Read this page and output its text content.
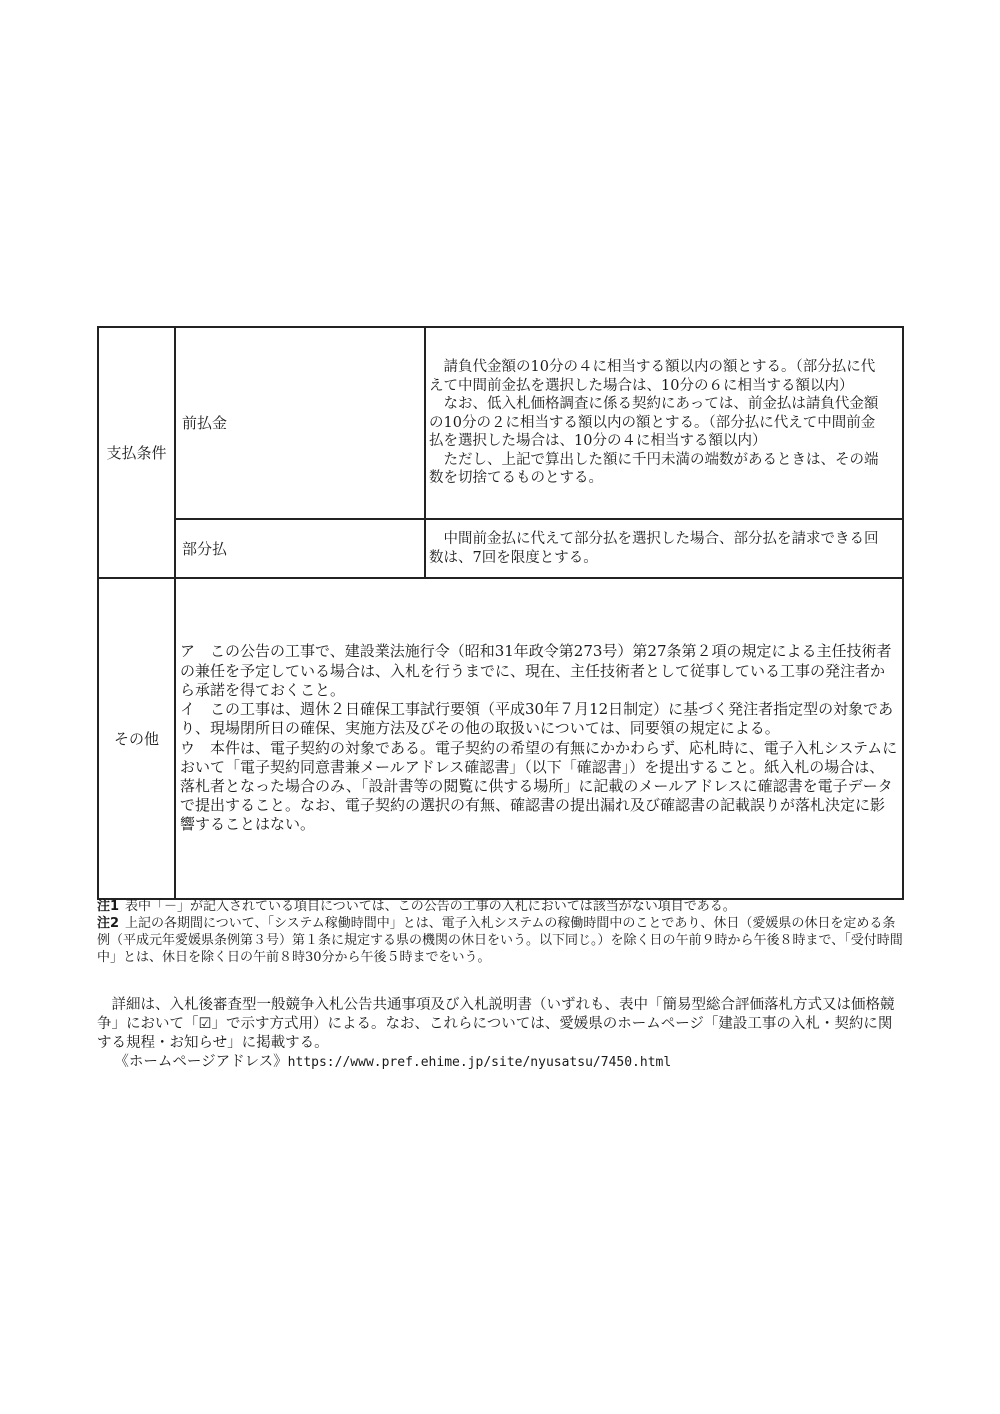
支払条件	前払金	請負代金額の10分の４に相当する額以内の額とする。（部分払に代えて中間前金払を選択した場合は、10分の６に相当する額以内）

なお、低入札価格調査に係る契約にあっては、前金払は請負代金額の10分の２に相当する額以内の額とする。（部分払に代えて中間前金払を選択した場合は、10分の４に相当する額以内）

ただし、上記で算出した額に千円未満の端数があるときは、その端数を切捨てるものとする。

	部分払	中間前金払に代えて部分払を選択した場合、部分払を請求できる回数は、7回を限度とする。

その他	ア　この公告の工事で、建設業法施行令（昭和31年政令第273号）第27条第２項の規定による主任技術者の兼任を予定している場合は、入札を行うまでに、現在、主任技術者として従事している工事の発注者から承諾を得ておくこと。

イ　この工事は、週休２日確保工事試行要領（平成30年７月12日制定）に基づく発注者指定型の対象であり、現場閉所日の確保、実施方法及びその他の取扱いについては、同要領の規定による。

ウ　本件は、電子契約の対象である。電子契約の希望の有無にかかわらず、応札時に、電子入札システムにおいて「電子契約同意書兼メールアドレス確認書」（以下「確認書」）を提出すること。紙入札の場合は、落札者となった場合のみ、「設計書等の閲覧に供する場所」に記載のメールアドレスに確認書を電子データで提出すること。なお、電子契約の選択の有無、確認書の提出漏れ及び確認書の記載誤りが落札決定に影響することはない。	

注1 表中「－」が記入されている項目については、この公告の工事の入札においては該当がない項目である。

注2 上記の各期間について、「システム稼働時間中」とは、電子入札システムの稼働時間中のことであり、休日（愛媛県の休日を定める条例（平成元年愛媛県条例第３号）第１条に規定する県の機関の休日をいう。以下同じ。）を除く日の午前９時から午後８時まで、「受付時間中」とは、休日を除く日の午前８時30分から午後５時までをいう。

詳細は、入札後審査型一般競争入札公告共通事項及び入札説明書（いずれも、表中「簡易型総合評価落札方式又は価格競争」において「☑」で示す方式用）による。なお、これらについては、愛媛県のホームページ「建設工事の入札・契約に関する規程・お知らせ」に掲載する。

《ホームページアドレス》https://www.pref.ehime.jp/site/nyusatsu/7450.html
